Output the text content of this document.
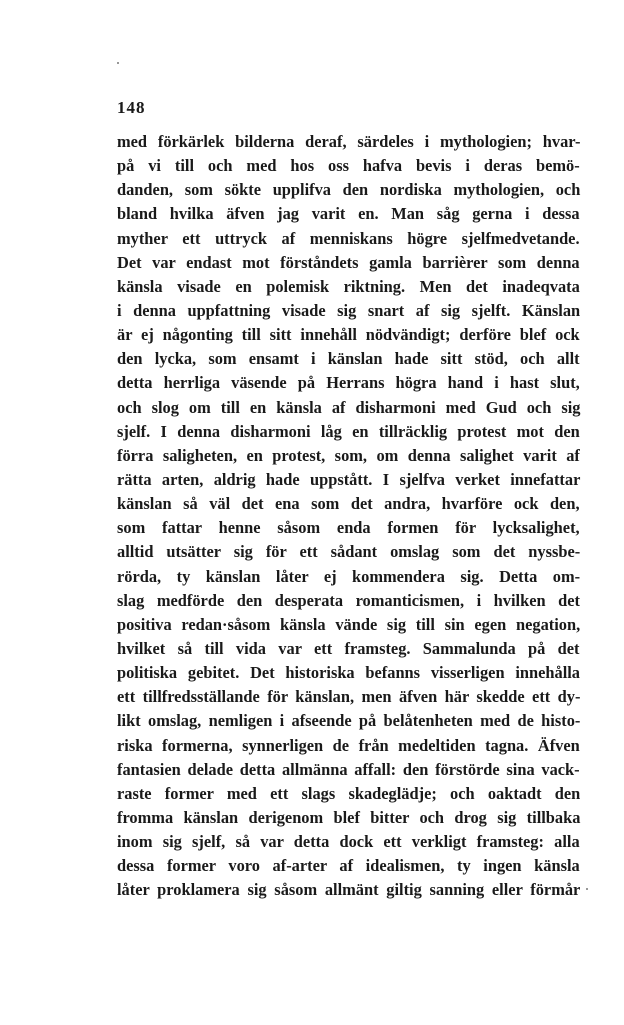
148
med förkärlek bilderna deraf, särdeles i mythologien; hvar-
på vi till och med hos oss hafva bevis i deras bemö-
danden, som sökte upplifva den nordiska mythologien, och
bland hvilka äfven jag varit en. Man såg gerna i dessa
myther ett uttryck af menniskans högre sjelfmedvetande.
Det var endast mot förståndets gamla barrièrer som denna
känsla visade en polemisk riktning. Men det inadeqvata
i denna uppfattning visade sig snart af sig sjelft. Känslan
är ej någonting till sitt innehåll nödvändigt; derföre blef ock
den lycka, som ensamt i känslan hade sitt stöd, och allt
detta herrliga väsende på Herrans högra hand i hast slut,
och slog om till en känsla af disharmoni med Gud och sig
sjelf. I denna disharmoni låg en tillräcklig protest mot den
förra saligheten, en protest, som, om denna salighet varit af
rätta arten, aldrig hade uppstått. I sjelfva verket innefattar
känslan så väl det ena som det andra, hvarföre ock den,
som fattar henne såsom enda formen för lycksalighet,
alltid utsätter sig för ett sådant omslag som det nyssbe-
rörda, ty känslan låter ej kommendera sig. Detta om-
slag medförde den desperata romanticismen, i hvilken det
positiva redan·såsom känsla vände sig till sin egen negation,
hvilket så till vida var ett framsteg. Sammalunda på det
politiska gebitet. Det historiska befanns visserligen innehålla
ett tillfredsställande för känslan, men äfven här skedde ett dy-
likt omslag, nemligen i afseende på belåtenheten med de histo-
riska formerna, synnerligen de från medeltiden tagna. Äfven
fantasien delade detta allmänna affall: den förstörde sina vack-
raste former med ett slags skadeglädje; och oaktadt den
fromma känslan derigenom blef bitter och drog sig tillbaka
inom sig sjelf, så var detta dock ett verkligt framsteg: alla
dessa former voro af-arter af idealismen, ty ingen känsla
låter proklamera sig såsom allmänt giltig sanning eller förmår
